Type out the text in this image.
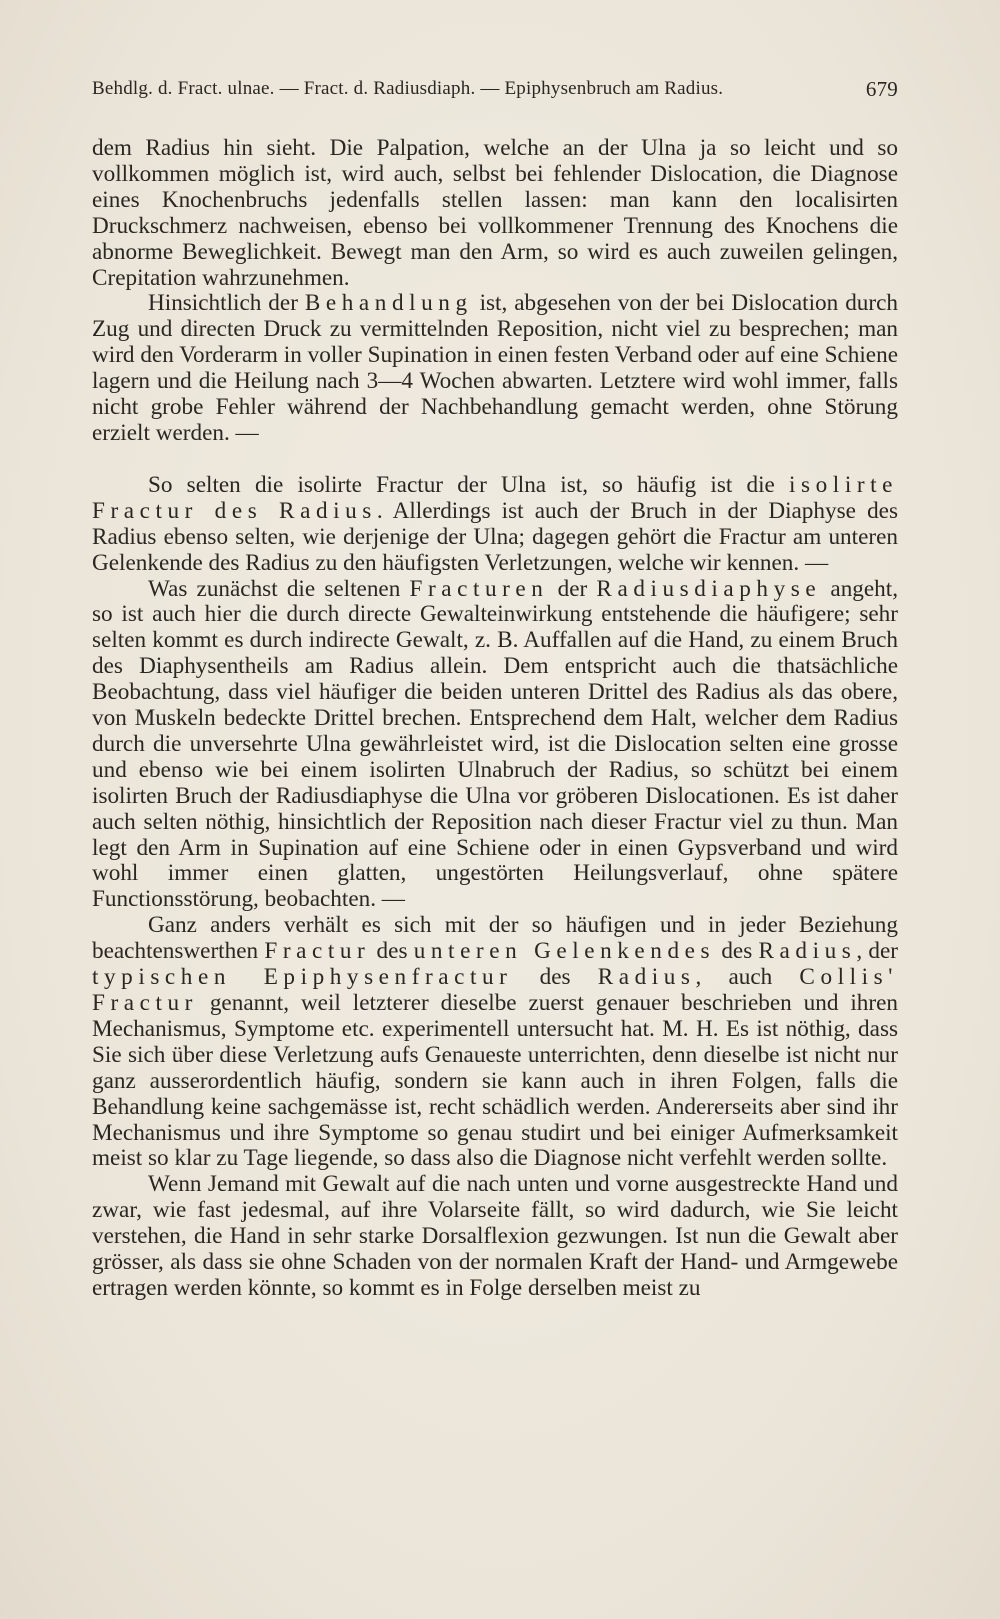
Behdlg. d. Fract. ulnae. — Fract. d. Radiusdiaph. — Epiphysenbruch am Radius.	679

dem Radius hin sieht. Die Palpation, welche an der Ulna ja so leicht und so vollkommen möglich ist, wird auch, selbst bei fehlender Dislocation, die Diagnose eines Knochenbruchs jedenfalls stellen lassen: man kann den localisirten Druckschmerz nachweisen, ebenso bei vollkommener Trennung des Knochens die abnorme Beweglichkeit. Bewegt man den Arm, so wird es auch zuweilen gelingen, Crepitation wahrzunehmen.

Hinsichtlich der Behandlung ist, abgesehen von der bei Dislocation durch Zug und directen Druck zu vermittelnden Reposition, nicht viel zu besprechen; man wird den Vorderarm in voller Supination in einen festen Verband oder auf eine Schiene lagern und die Heilung nach 3—4 Wochen abwarten. Letztere wird wohl immer, falls nicht grobe Fehler während der Nachbehandlung gemacht werden, ohne Störung erzielt werden. —

So selten die isolirte Fractur der Ulna ist, so häufig ist die isolirte Fractur des Radius. Allerdings ist auch der Bruch in der Diaphyse des Radius ebenso selten, wie derjenige der Ulna; dagegen gehört die Fractur am unteren Gelenkende des Radius zu den häufigsten Verletzungen, welche wir kennen. —

Was zunächst die seltenen Fracturen der Radiusdiaphyse angeht, so ist auch hier die durch directe Gewalteinwirkung entstehende die häufigere; sehr selten kommt es durch indirecte Gewalt, z. B. Auffallen auf die Hand, zu einem Bruch des Diaphysentheils am Radius allein. Dem entspricht auch die thatsächliche Beobachtung, dass viel häufiger die beiden unteren Drittel des Radius als das obere, von Muskeln bedeckte Drittel brechen. Entsprechend dem Halt, welcher dem Radius durch die unversehrte Ulna gewährleistet wird, ist die Dislocation selten eine grosse und ebenso wie bei einem isolirten Ulnabruch der Radius, so schützt bei einem isolirten Bruch der Radiusdiaphyse die Ulna vor gröberen Dislocationen. Es ist daher auch selten nöthig, hinsichtlich der Reposition nach dieser Fractur viel zu thun. Man legt den Arm in Supination auf eine Schiene oder in einen Gypsverband und wird wohl immer einen glatten, ungestörten Heilungsverlauf, ohne spätere Functionsstörung, beobachten. —

Ganz anders verhält es sich mit der so häufigen und in jeder Beziehung beachtenswerthen Fractur des unteren Gelenkendes des Radius, der typischen Epiphysenfractur des Radius, auch Collis' Fractur genannt, weil letzterer dieselbe zuerst genauer beschrieben und ihren Mechanismus, Symptome etc. experimentell untersucht hat. M. H. Es ist nöthig, dass Sie sich über diese Verletzung aufs Genaueste unterrichten, denn dieselbe ist nicht nur ganz ausserordentlich häufig, sondern sie kann auch in ihren Folgen, falls die Behandlung keine sachgemässe ist, recht schädlich werden. Andererseits aber sind ihr Mechanismus und ihre Symptome so genau studirt und bei einiger Aufmerksamkeit meist so klar zu Tage liegende, so dass also die Diagnose nicht verfehlt werden sollte.

Wenn Jemand mit Gewalt auf die nach unten und vorne ausgestreckte Hand und zwar, wie fast jedesmal, auf ihre Volarseite fällt, so wird dadurch, wie Sie leicht verstehen, die Hand in sehr starke Dorsalflexion gezwungen. Ist nun die Gewalt aber grösser, als dass sie ohne Schaden von der normalen Kraft der Hand- und Armgewebe ertragen werden könnte, so kommt es in Folge derselben meist zu
